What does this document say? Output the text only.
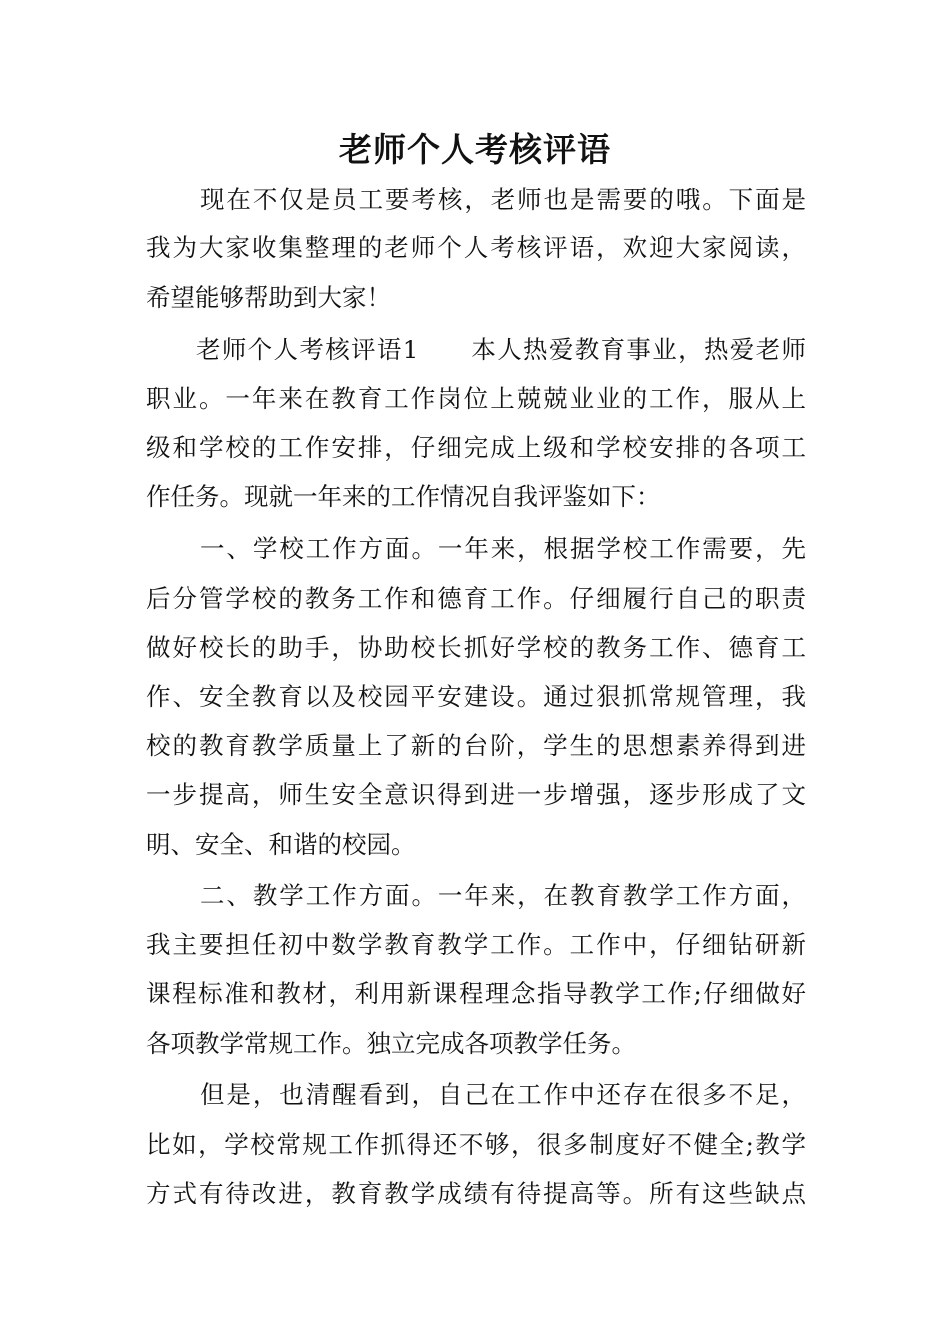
老师个人考核评语
现在不仅是员工要考核，老师也是需要的哦。下面是
我为大家收集整理的老师个人考核评语，欢迎大家阅读，
希望能够帮助到大家！
老师个人考核评语1　　本人热爱教育事业，热爱老师
职业。一年来在教育工作岗位上兢兢业业的工作，服从上
级和学校的工作安排，仔细完成上级和学校安排的各项工
作任务。现就一年来的工作情况自我评鉴如下：
一、学校工作方面。一年来，根据学校工作需要，先
后分管学校的教务工作和德育工作。仔细履行自己的职责
做好校长的助手，协助校长抓好学校的教务工作、德育工
作、安全教育以及校园平安建设。通过狠抓常规管理，我
校的教育教学质量上了新的台阶，学生的思想素养得到进
一步提高，师生安全意识得到进一步增强，逐步形成了文
明、安全、和谐的校园。
二、教学工作方面。一年来，在教育教学工作方面，
我主要担任初中数学教育教学工作。工作中，仔细钻研新
课程标准和教材，利用新课程理念指导教学工作;仔细做好
各项教学常规工作。独立完成各项教学任务。
但是，也清醒看到，自己在工作中还存在很多不足，
比如，学校常规工作抓得还不够，很多制度好不健全;教学
方式有待改进，教育教学成绩有待提高等。所有这些缺点
